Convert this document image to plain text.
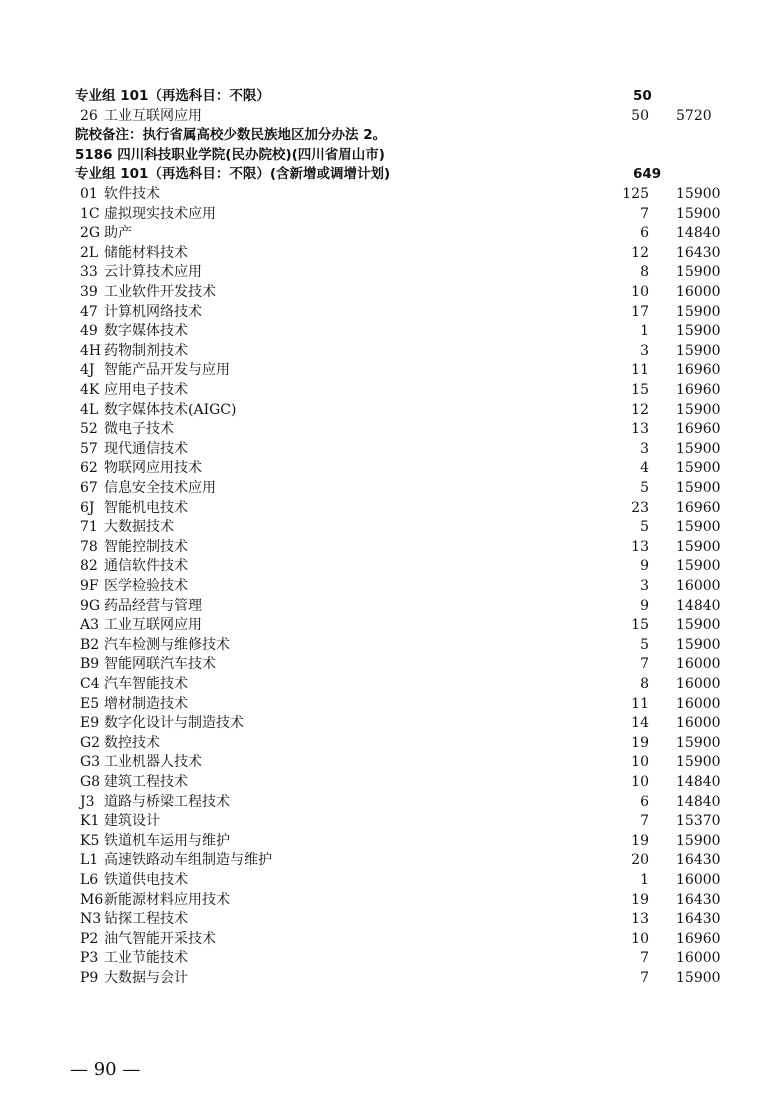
专业组 101（再选科目：不限）	50
26 工业互联网应用	50 5720
院校备注：执行省属高校少数民族地区加分办法 2。
5186 四川科技职业学院(民办院校)(四川省眉山市)
专业组 101（再选科目：不限）(含新增或调增计划)	649
01 软件技术	125 15900
1C 虚拟现实技术应用	7 15900
2G 助产	6 14840
2L 储能材料技术	12 16430
33 云计算技术应用	8 15900
39 工业软件开发技术	10 16000
47 计算机网络技术	17 15900
49 数字媒体技术	1 15900
4H 药物制剂技术	3 15900
4J 智能产品开发与应用	11 16960
4K 应用电子技术	15 16960
4L 数字媒体技术(AIGC)	12 15900
52 微电子技术	13 16960
57 现代通信技术	3 15900
62 物联网应用技术	4 15900
67 信息安全技术应用	5 15900
6J 智能机电技术	23 16960
71 大数据技术	5 15900
78 智能控制技术	13 15900
82 通信软件技术	9 15900
9F 医学检验技术	3 16000
9G 药品经营与管理	9 14840
A3 工业互联网应用	15 15900
B2 汽车检测与维修技术	5 15900
B9 智能网联汽车技术	7 16000
C4 汽车智能技术	8 16000
E5 增材制造技术	11 16000
E9 数字化设计与制造技术	14 16000
G2 数控技术	19 15900
G3 工业机器人技术	10 15900
G8 建筑工程技术	10 14840
J3 道路与桥梁工程技术	6 14840
K1 建筑设计	7 15370
K5 铁道机车运用与维护	19 15900
L1 高速铁路动车组制造与维护	20 16430
L6 铁道供电技术	1 16000
M6 新能源材料应用技术	19 16430
N3 钻探工程技术	13 16430
P2 油气智能开采技术	10 16960
P3 工业节能技术	7 16000
P9 大数据与会计	7 15900
— 90 —
